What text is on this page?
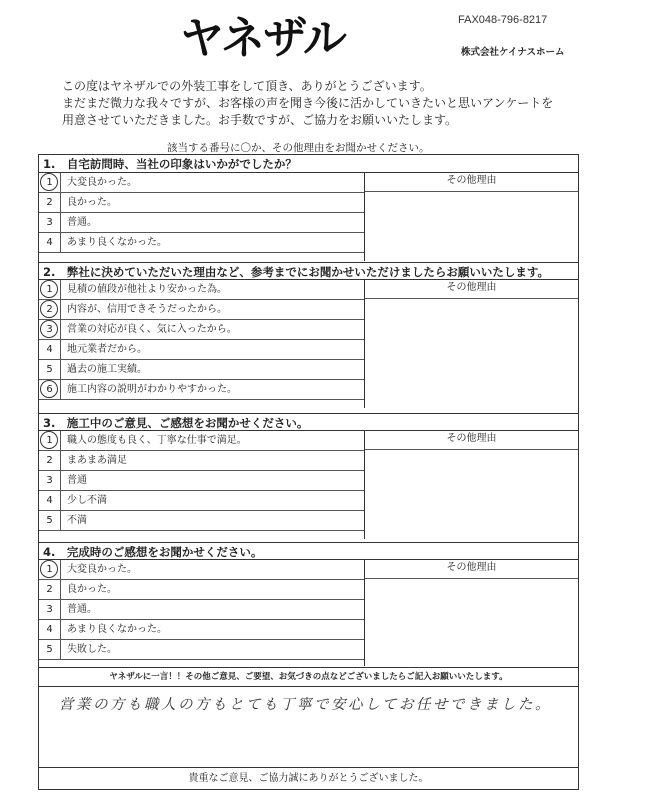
ヤネザル	FAX048-796-8217
株式会社ケイナスホーム
この度はヤネザルでの外装工事をして頂き、ありがとうございます。
まだまだ微力な我々ですが、お客様の声を聞き今後に活かしていきたいと思いアンケートを
用意させていただきました。お手数ですが、ご協力をお願いいたします。
該当する番号に〇か、その他理由をお聞かせください。
1.　自宅訪問時、当社の印象はいかがでしたか？
1	大変良かった。
2	良かった。
3	普通。
4	あまり良くなかった。
その他理由
2.　弊社に決めていただいた理由など、参考までにお聞かせいただけましたらお願いいたします。
1	見積の値段が他社より安かった為。
2	内容が、信用できそうだったから。
3	営業の対応が良く、気に入ったから。
4	地元業者だから。
5	過去の施工実績。
6	施工内容の説明がわかりやすかった。
その他理由
3.　施工中のご意見、ご感想をお聞かせください。
1	職人の態度も良く、丁寧な仕事で満足。
2	まあまあ満足
3	普通
4	少し不満
5	不満
その他理由
4.　完成時のご感想をお聞かせください。
1	大変良かった。
2	良かった。
3	普通。
4	あまり良くなかった。
5	失敗した。
その他理由
ヤネザルに一言！！その他ご意見、ご要望、お気づきの点などございましたらご記入お願いいたします。
営業の方も職人の方もとても丁寧で安心してお任せできました。
貴重なご意見、ご協力誠にありがとうございました。
